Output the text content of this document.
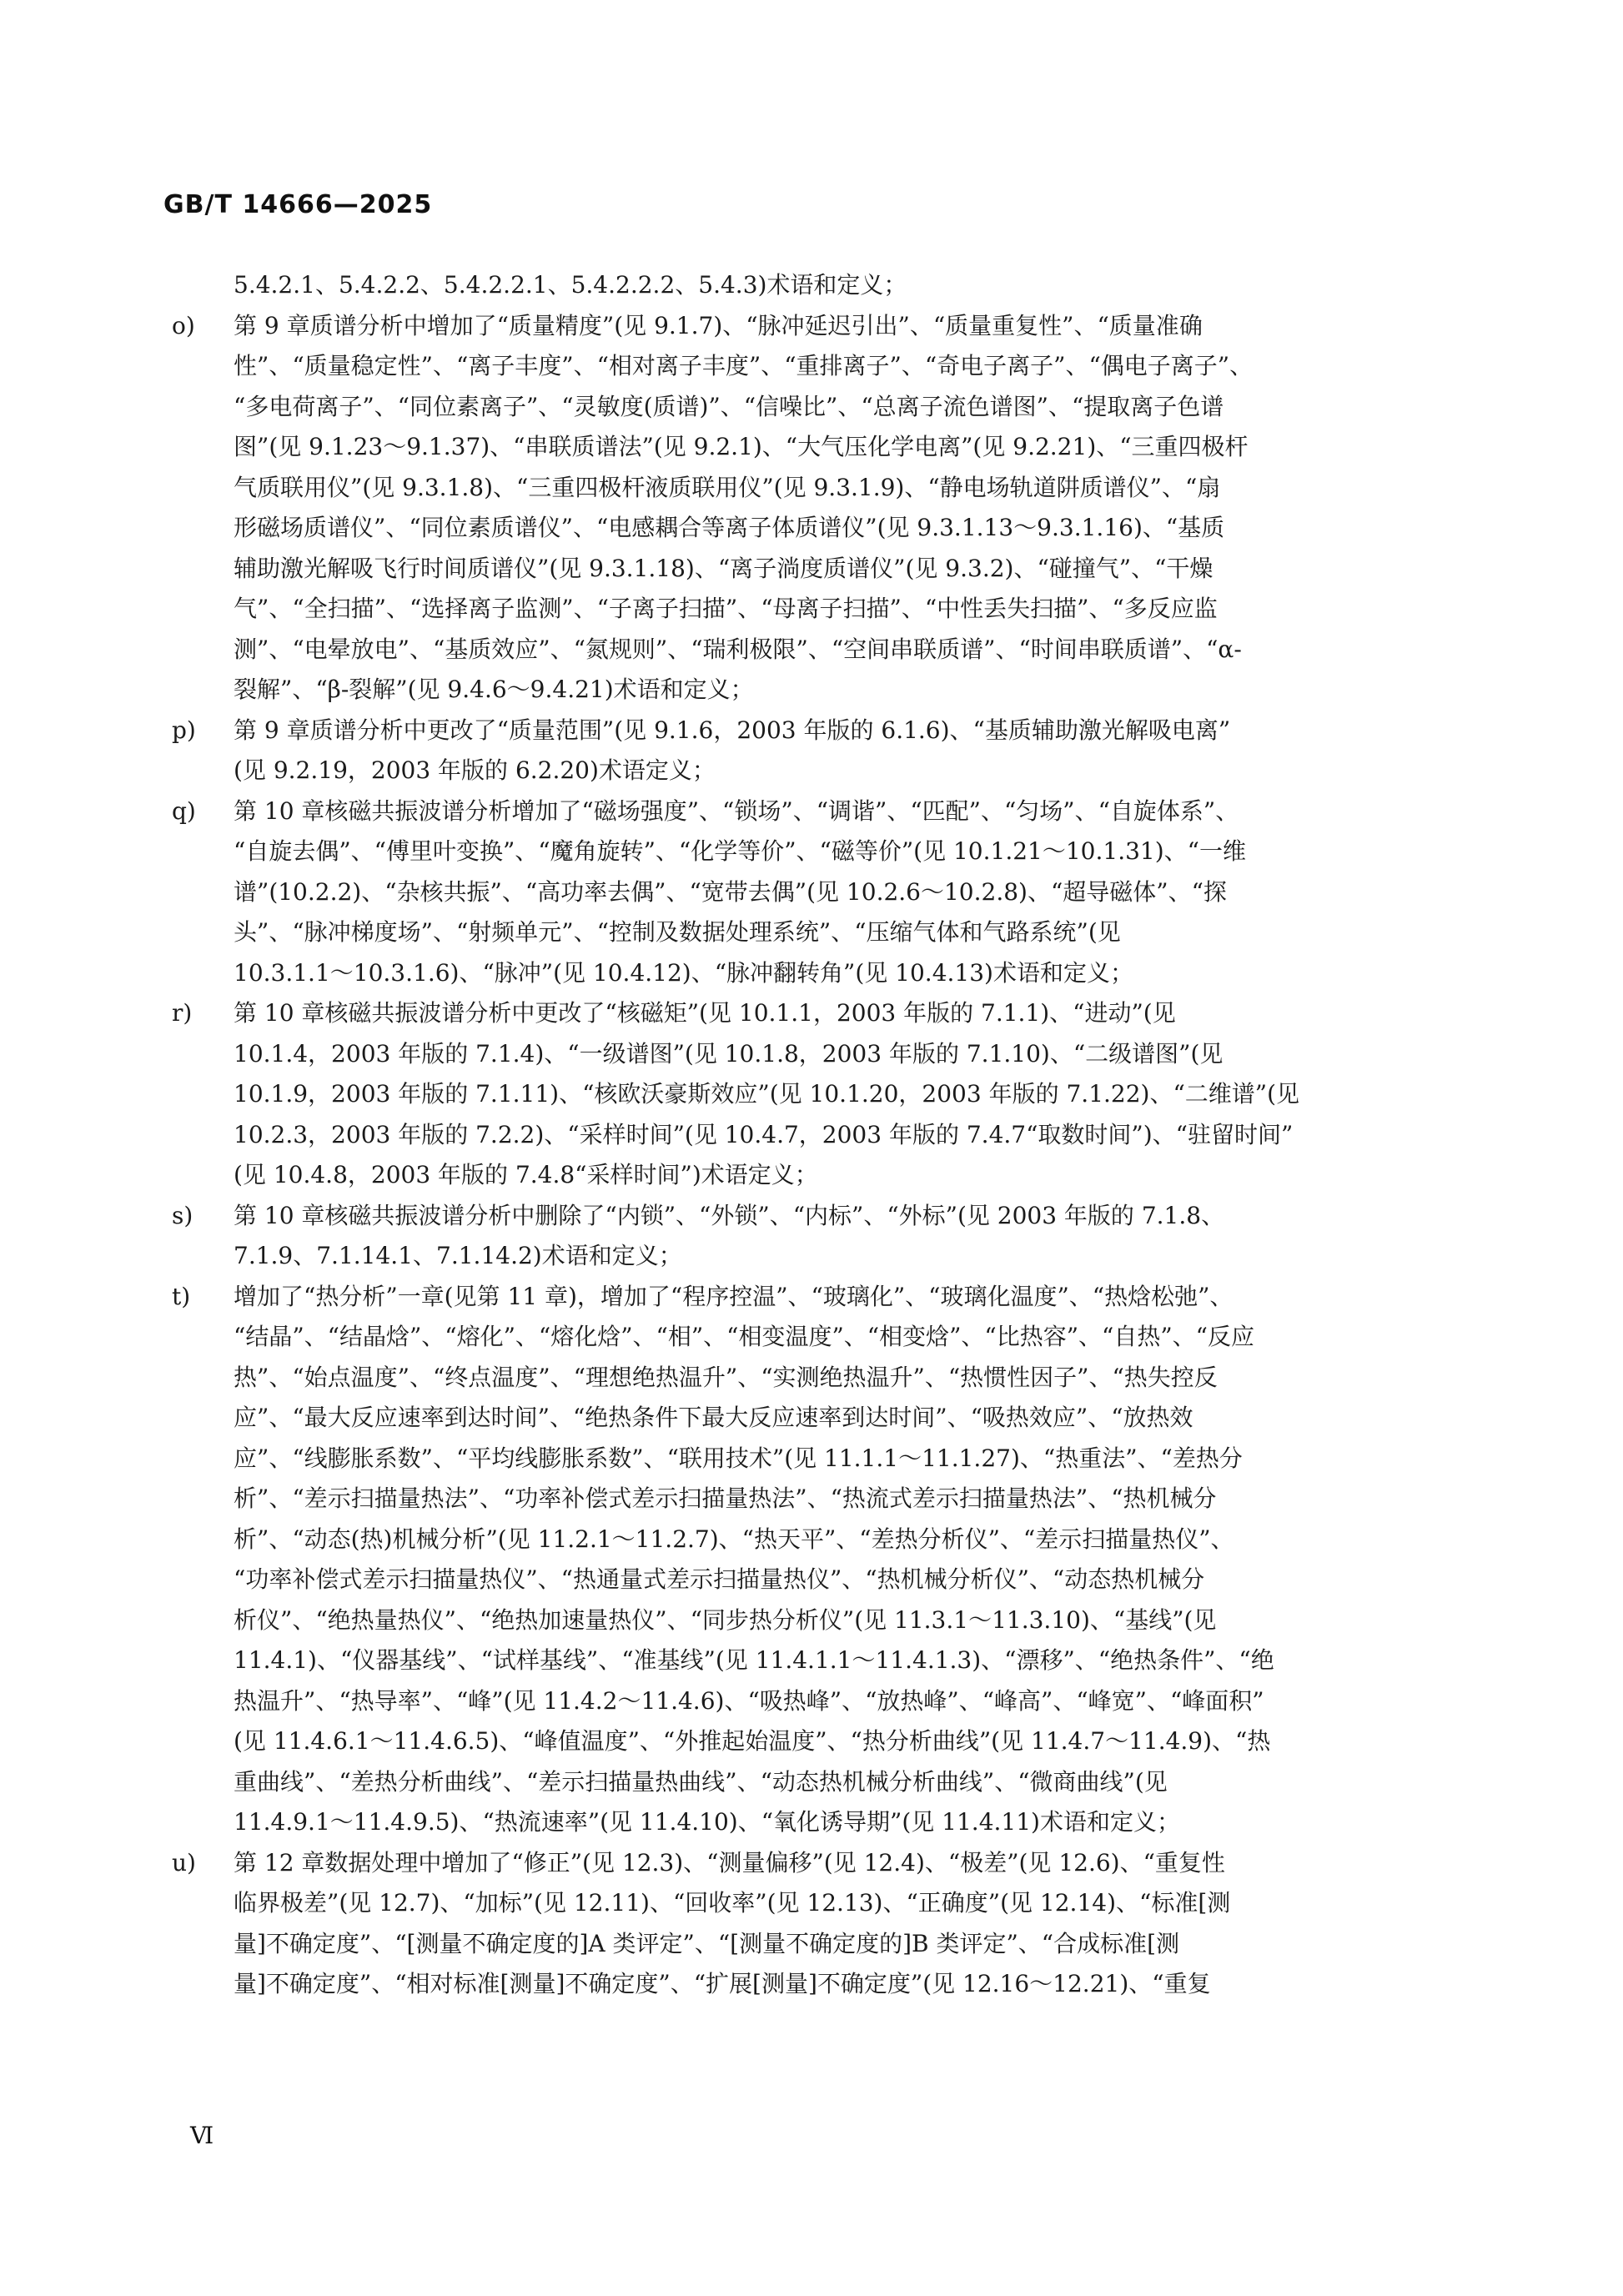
GB/T 14666—2025
5.4.2.1、5.4.2.2、5.4.2.2.1、5.4.2.2.2、5.4.3)术语和定义；
o)	第 9 章质谱分析中增加了“质量精度”(见 9.1.7)、“脉冲延迟引出”、“质量重复性”、“质量准确
性”、“质量稳定性”、“离子丰度”、“相对离子丰度”、“重排离子”、“奇电子离子”、“偶电子离子”、
“多电荷离子”、“同位素离子”、“灵敏度(质谱)”、“信噪比”、“总离子流色谱图”、“提取离子色谱
图”(见 9.1.23～9.1.37)、“串联质谱法”(见 9.2.1)、“大气压化学电离”(见 9.2.21)、“三重四极杆
气质联用仪”(见 9.3.1.8)、“三重四极杆液质联用仪”(见 9.3.1.9)、“静电场轨道阱质谱仪”、“扇
形磁场质谱仪”、“同位素质谱仪”、“电感耦合等离子体质谱仪”(见 9.3.1.13～9.3.1.16)、“基质
辅助激光解吸飞行时间质谱仪”(见 9.3.1.18)、“离子淌度质谱仪”(见 9.3.2)、“碰撞气”、“干燥
气”、“全扫描”、“选择离子监测”、“子离子扫描”、“母离子扫描”、“中性丢失扫描”、“多反应监
测”、“电晕放电”、“基质效应”、“氮规则”、“瑞利极限”、“空间串联质谱”、“时间串联质谱”、“α-
裂解”、“β-裂解”(见 9.4.6～9.4.21)术语和定义；
p)	第 9 章质谱分析中更改了“质量范围”(见 9.1.6，2003 年版的 6.1.6)、“基质辅助激光解吸电离”
(见 9.2.19，2003 年版的 6.2.20)术语定义；
q)	第 10 章核磁共振波谱分析增加了“磁场强度”、“锁场”、“调谐”、“匹配”、“匀场”、“自旋体系”、
“自旋去偶”、“傅里叶变换”、“魔角旋转”、“化学等价”、“磁等价”(见 10.1.21～10.1.31)、“一维
谱”(10.2.2)、“杂核共振”、“高功率去偶”、“宽带去偶”(见 10.2.6～10.2.8)、“超导磁体”、“探
头”、“脉冲梯度场”、“射频单元”、“控制及数据处理系统”、“压缩气体和气路系统”(见
10.3.1.1～10.3.1.6)、“脉冲”(见 10.4.12)、“脉冲翻转角”(见 10.4.13)术语和定义；
r)	第 10 章核磁共振波谱分析中更改了“核磁矩”(见 10.1.1，2003 年版的 7.1.1)、“进动”(见
10.1.4，2003 年版的 7.1.4)、“一级谱图”(见 10.1.8，2003 年版的 7.1.10)、“二级谱图”(见
10.1.9，2003 年版的 7.1.11)、“核欧沃豪斯效应”(见 10.1.20，2003 年版的 7.1.22)、“二维谱”(见
10.2.3，2003 年版的 7.2.2)、“采样时间”(见 10.4.7，2003 年版的 7.4.7“取数时间”)、“驻留时间”
(见 10.4.8，2003 年版的 7.4.8“采样时间”)术语定义；
s)	第 10 章核磁共振波谱分析中删除了“内锁”、“外锁”、“内标”、“外标”(见 2003 年版的 7.1.8、
7.1.9、7.1.14.1、7.1.14.2)术语和定义；
t)	增加了“热分析”一章(见第 11 章)，增加了“程序控温”、“玻璃化”、“玻璃化温度”、“热焓松弛”、
“结晶”、“结晶焓”、“熔化”、“熔化焓”、“相”、“相变温度”、“相变焓”、“比热容”、“自热”、“反应
热”、“始点温度”、“终点温度”、“理想绝热温升”、“实测绝热温升”、“热惯性因子”、“热失控反
应”、“最大反应速率到达时间”、“绝热条件下最大反应速率到达时间”、“吸热效应”、“放热效
应”、“线膨胀系数”、“平均线膨胀系数”、“联用技术”(见 11.1.1～11.1.27)、“热重法”、“差热分
析”、“差示扫描量热法”、“功率补偿式差示扫描量热法”、“热流式差示扫描量热法”、“热机械分
析”、“动态(热)机械分析”(见 11.2.1～11.2.7)、“热天平”、“差热分析仪”、“差示扫描量热仪”、
“功率补偿式差示扫描量热仪”、“热通量式差示扫描量热仪”、“热机械分析仪”、“动态热机械分
析仪”、“绝热量热仪”、“绝热加速量热仪”、“同步热分析仪”(见 11.3.1～11.3.10)、“基线”(见
11.4.1)、“仪器基线”、“试样基线”、“准基线”(见 11.4.1.1～11.4.1.3)、“漂移”、“绝热条件”、“绝
热温升”、“热导率”、“峰”(见 11.4.2～11.4.6)、“吸热峰”、“放热峰”、“峰高”、“峰宽”、“峰面积”
(见 11.4.6.1～11.4.6.5)、“峰值温度”、“外推起始温度”、“热分析曲线”(见 11.4.7～11.4.9)、“热
重曲线”、“差热分析曲线”、“差示扫描量热曲线”、“动态热机械分析曲线”、“微商曲线”(见
11.4.9.1～11.4.9.5)、“热流速率”(见 11.4.10)、“氧化诱导期”(见 11.4.11)术语和定义；
u)	第 12 章数据处理中增加了“修正”(见 12.3)、“测量偏移”(见 12.4)、“极差”(见 12.6)、“重复性
临界极差”(见 12.7)、“加标”(见 12.11)、“回收率”(见 12.13)、“正确度”(见 12.14)、“标准[测
量]不确定度”、“[测量不确定度的]A 类评定”、“[测量不确定度的]B 类评定”、“合成标准[测
量]不确定度”、“相对标准[测量]不确定度”、“扩展[测量]不确定度”(见 12.16～12.21)、“重复
Ⅵ
